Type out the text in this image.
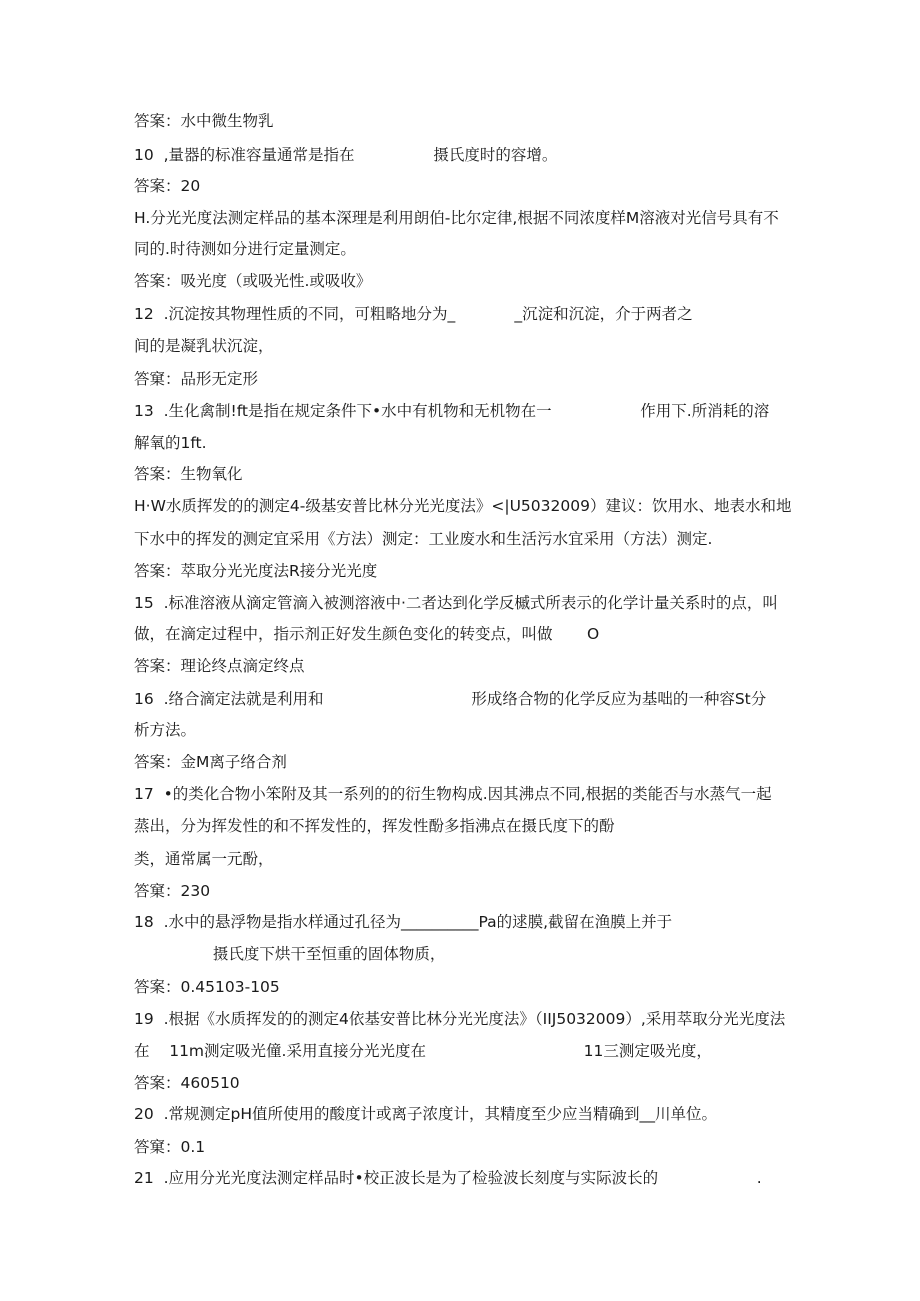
答案：水中微生物乳

10  ,量器的标准容量通常是指在                摄氏度时的容增。

答案：20

H.分光光度法测定样品的基本深理是利用朗伯-比尔定律,根据不同浓度样M溶液对光信号具有不

同的.时待测如分进行定量测定。

答案：吸光度（或吸光性.或吸收》

12  .沉淀按其物理性质的不同，可粗略地分为_            _沉淀和沉淀，介于两者之

间的是凝乳状沉淀，

答窠：品形无定形

13  .生化禽制!ft是指在规定条件下•水中有机物和无机物在一                  作用下.所消耗的溶

解氧的1ft.

答案：生物氧化

H·W水质挥发的的测定4-级基安普比林分光光度法》<|U5032009）建议：饮用水、地表水和地

下水中的挥发的测定宜采用《方法）测定：工业废水和生活污水宜采用（方法）测定.

答案：萃取分光光度法R接分光光度

15  .标准溶液从滴定管滴入被测溶液中·二者达到化学反槭式所表示的化学计量关系时的点，叫

做，在滴定过程中，指示剂正好发生颜色变化的转变点，叫做       O

答案：理论终点滴定终点

16  .络合滴定法就是利用和                              形成络合物的化学反应为基咄的一种容St分

析方法。

答案：金M离子络合剂

17  •的类化合物小笨附及其一系列的的衍生物构成.因其沸点不同,根据的类能否与水蒸气一起

蒸出，分为挥发性的和不挥发性的，挥发性酚多指沸点在摄氏度下的酚

类，通常属一元酚，

答窠：230

18  .水中的悬浮物是指水样通过孔径为__________Pa的逑膜,截留在渔膜上并于

摄氏度下烘干至恒重的固体物质，

答案：0.45103-105

19  .根据《水质挥发的的测定4依基安普比林分光光度法》（IIJ5032009）,采用萃取分光光度法

在    11m测定吸光僮.采用直接分光光度在                                11三测定吸光度，

答案：460510

20  .常规测定pH值所使用的酸度计或离子浓度计，其精度至少应当精确到__川单位。

答窠：0.1

21  .应用分光光度法测定样品时•校正波长是为了检验波长刻度与实际波长的                    .
